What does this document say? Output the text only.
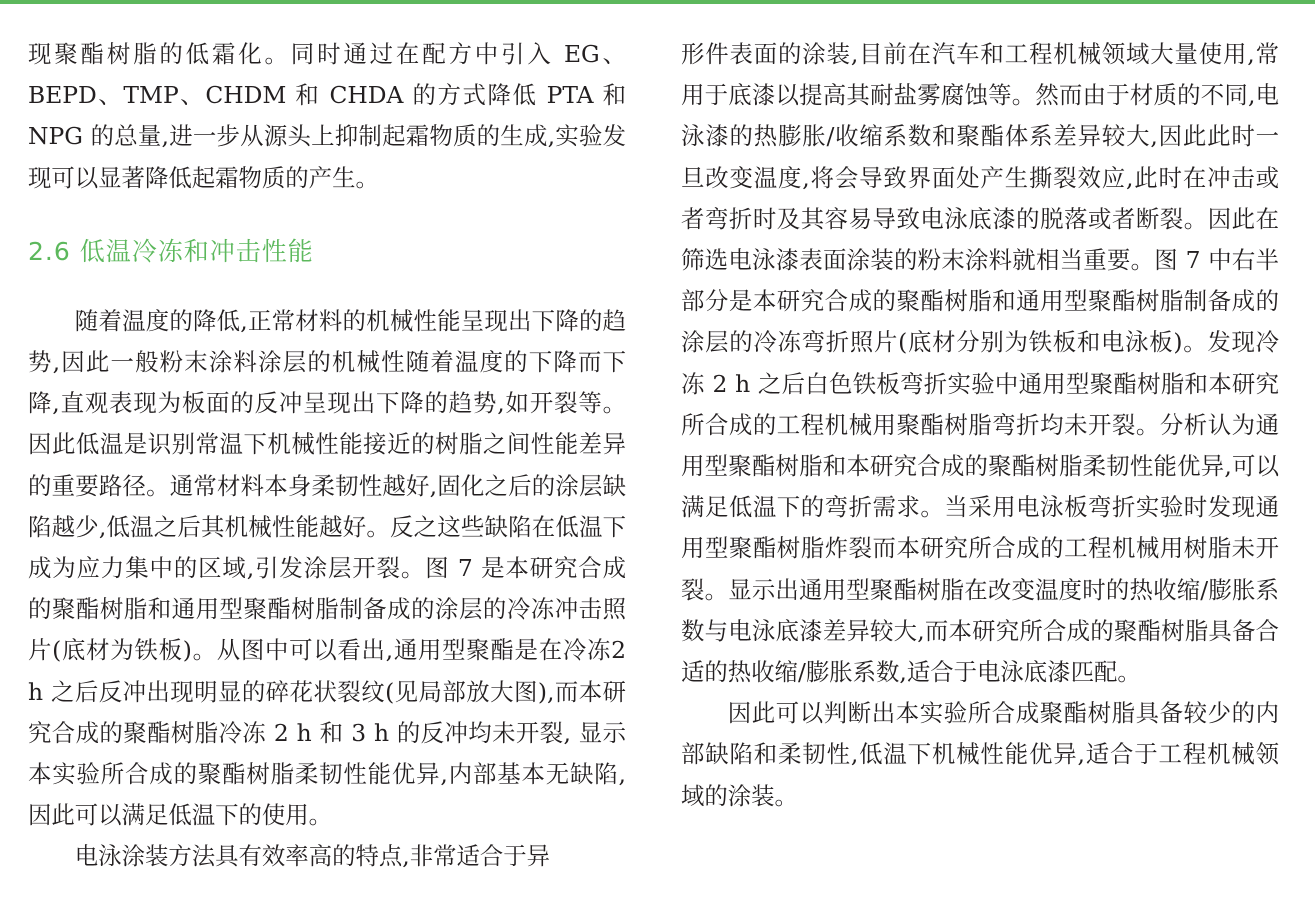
现聚酯树脂的低霜化。同时通过在配方中引入 EG、BEPD、TMP、CHDM 和 CHDA 的方式降低 PTA 和 NPG 的总量,进一步从源头上抑制起霜物质的生成,实验发现可以显著降低起霜物质的产生。

2.6 低温冷冻和冲击性能

随着温度的降低,正常材料的机械性能呈现出下降的趋势,因此一般粉末涂料涂层的机械性随着温度的下降而下降,直观表现为板面的反冲呈现出下降的趋势,如开裂等。因此低温是识别常温下机械性能接近的树脂之间性能差异的重要路径。通常材料本身柔韧性越好,固化之后的涂层缺陷越少,低温之后其机械性能越好。反之这些缺陷在低温下成为应力集中的区域,引发涂层开裂。图 7 是本研究合成的聚酯树脂和通用型聚酯树脂制备成的涂层的冷冻冲击照片(底材为铁板)。从图中可以看出,通用型聚酯是在冷冻2 h 之后反冲出现明显的碎花状裂纹(见局部放大图),而本研究合成的聚酯树脂冷冻 2 h 和 3 h 的反冲均未开裂, 显示本实验所合成的聚酯树脂柔韧性能优异,内部基本无缺陷,因此可以满足低温下的使用。

电泳涂装方法具有效率高的特点,非常适合于异

形件表面的涂装,目前在汽车和工程机械领域大量使用,常用于底漆以提高其耐盐雾腐蚀等。然而由于材质的不同,电泳漆的热膨胀/收缩系数和聚酯体系差异较大,因此此时一旦改变温度,将会导致界面处产生撕裂效应,此时在冲击或者弯折时及其容易导致电泳底漆的脱落或者断裂。因此在筛选电泳漆表面涂装的粉末涂料就相当重要。图 7 中右半部分是本研究合成的聚酯树脂和通用型聚酯树脂制备成的涂层的冷冻弯折照片(底材分别为铁板和电泳板)。发现冷冻 2 h 之后白色铁板弯折实验中通用型聚酯树脂和本研究所合成的工程机械用聚酯树脂弯折均未开裂。分析认为通用型聚酯树脂和本研究合成的聚酯树脂柔韧性能优异,可以满足低温下的弯折需求。当采用电泳板弯折实验时发现通用型聚酯树脂炸裂而本研究所合成的工程机械用树脂未开裂。显示出通用型聚酯树脂在改变温度时的热收缩/膨胀系数与电泳底漆差异较大,而本研究所合成的聚酯树脂具备合适的热收缩/膨胀系数,适合于电泳底漆匹配。

因此可以判断出本实验所合成聚酯树脂具备较少的内部缺陷和柔韧性,低温下机械性能优异,适合于工程机械领域的涂装。
